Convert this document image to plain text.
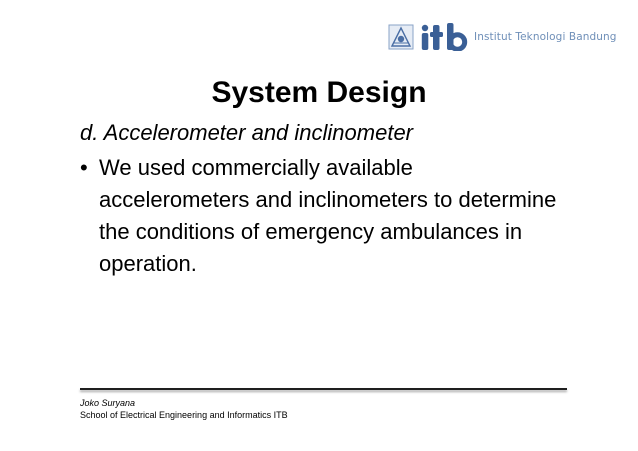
Institut Teknologi Bandung
System Design
d. Accelerometer and inclinometer
• We used commercially available accelerometers and inclinometers to determine the conditions of emergency ambulances in operation.
Joko Suryana
School of Electrical Engineering and Informatics ITB
